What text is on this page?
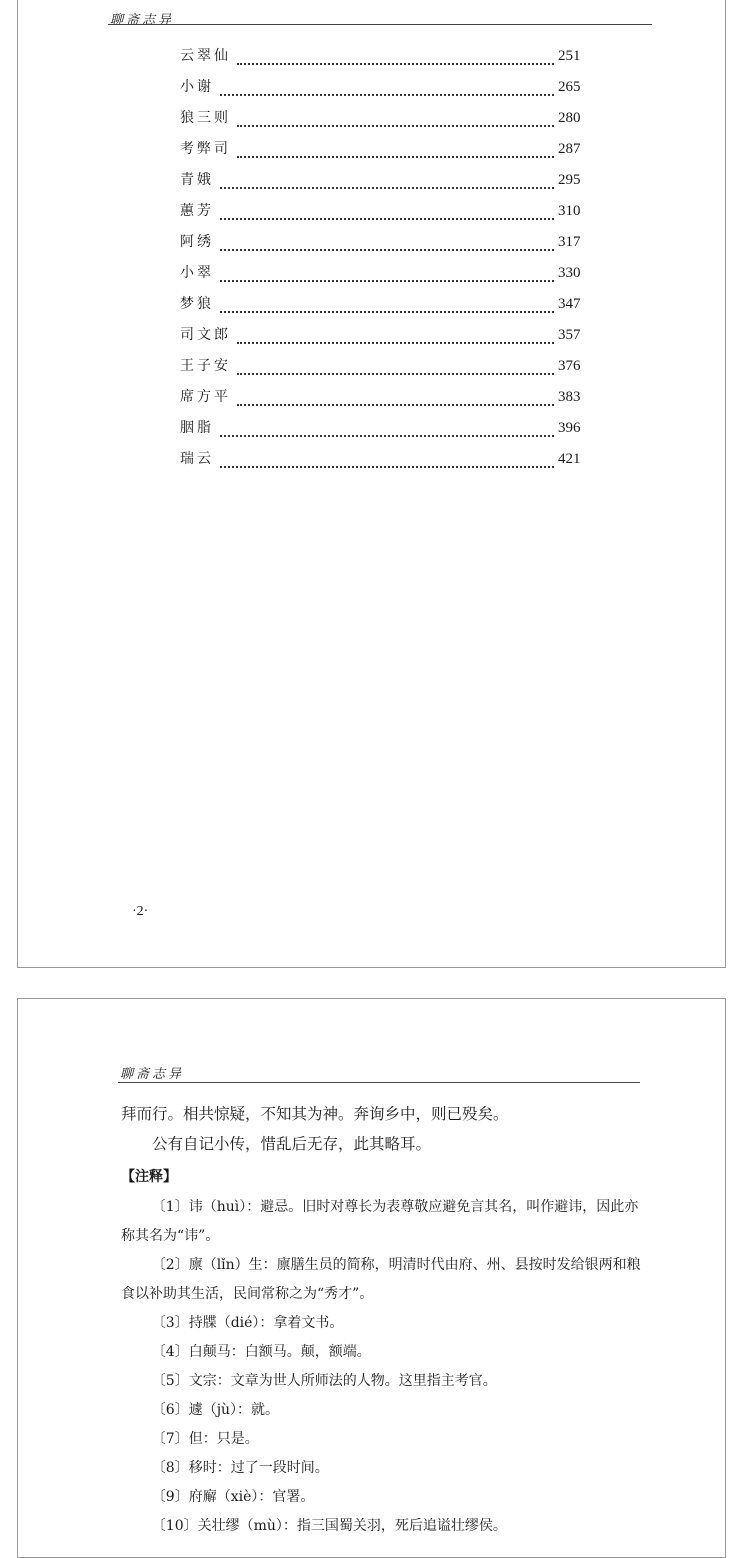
聊斋志异
云翠仙	251
小谢	265
狼三则	280
考弊司	287
青娥	295
蕙芳	310
阿绣	317
小翠	330
梦狼	347
司文郎	357
王子安	376
席方平	383
胭脂	396
瑞云	421
·2·
聊斋志异

拜而行。相共惊疑，不知其为神。奔询乡中，则已殁矣。

公有自记小传，惜乱后无存，此其略耳。

【注释】

〔1〕讳（huì）：避忌。旧时对尊长为表尊敬应避免言其名，叫作避讳，因此亦称其名为“讳”。

〔2〕廪（lǐn）生：廪膳生员的简称，明清时代由府、州、县按时发给银两和粮食以补助其生活，民间常称之为“秀才”。

〔3〕持牒（dié）：拿着文书。

〔4〕白颠马：白额马。颠，额端。

〔5〕文宗：文章为世人所师法的人物。这里指主考官。

〔6〕遽（jù）：就。

〔7〕但：只是。

〔8〕移时：过了一段时间。

〔9〕府廨（xiè）：官署。

〔10〕关壮缪（mù）：指三国蜀关羽，死后追谥壮缪侯。
